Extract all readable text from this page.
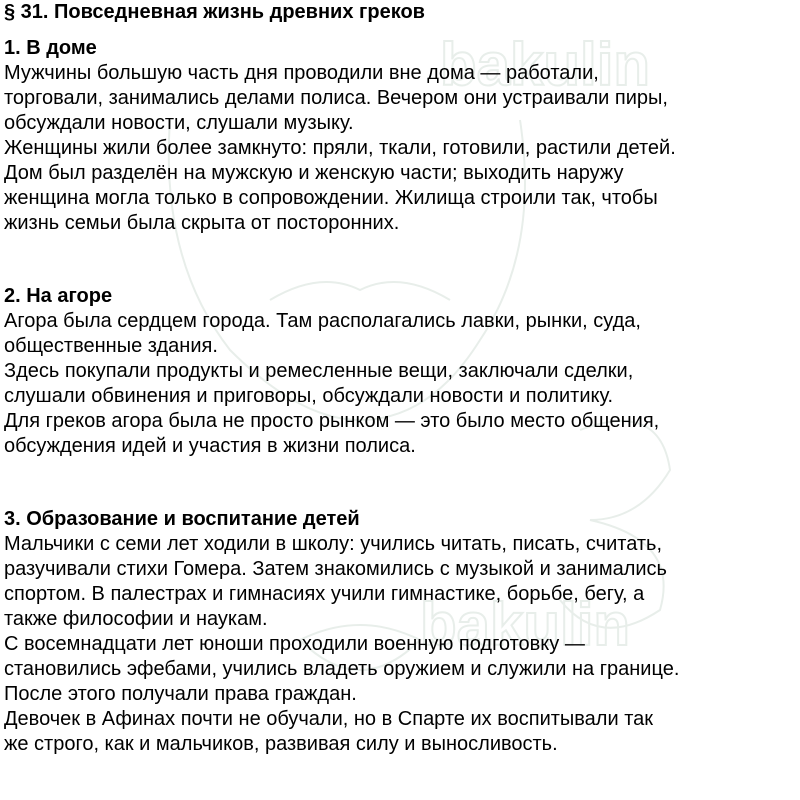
bakulin
bakulin
§ 31. Повседневная жизнь древних греков
1. В доме
Мужчины большую часть дня проводили вне дома — работали,
торговали, занимались делами полиса. Вечером они устраивали пиры,
обсуждали новости, слушали музыку.
Женщины жили более замкнуто: пряли, ткали, готовили, растили детей.
Дом был разделён на мужскую и женскую части; выходить наружу
женщина могла только в сопровождении. Жилища строили так, чтобы
жизнь семьи была скрыта от посторонних.
2. На агоре
Агора была сердцем города. Там располагались лавки, рынки, суда,
общественные здания.
Здесь покупали продукты и ремесленные вещи, заключали сделки,
слушали обвинения и приговоры, обсуждали новости и политику.
Для греков агора была не просто рынком — это было место общения,
обсуждения идей и участия в жизни полиса.
3. Образование и воспитание детей
Мальчики с семи лет ходили в школу: учились читать, писать, считать,
разучивали стихи Гомера. Затем знакомились с музыкой и занимались
спортом. В палестрах и гимнасиях учили гимнастике, борьбе, бегу, а
также философии и наукам.
С восемнадцати лет юноши проходили военную подготовку —
становились эфебами, учились владеть оружием и служили на границе.
После этого получали права граждан.
Девочек в Афинах почти не обучали, но в Спарте их воспитывали так
же строго, как и мальчиков, развивая силу и выносливость.
